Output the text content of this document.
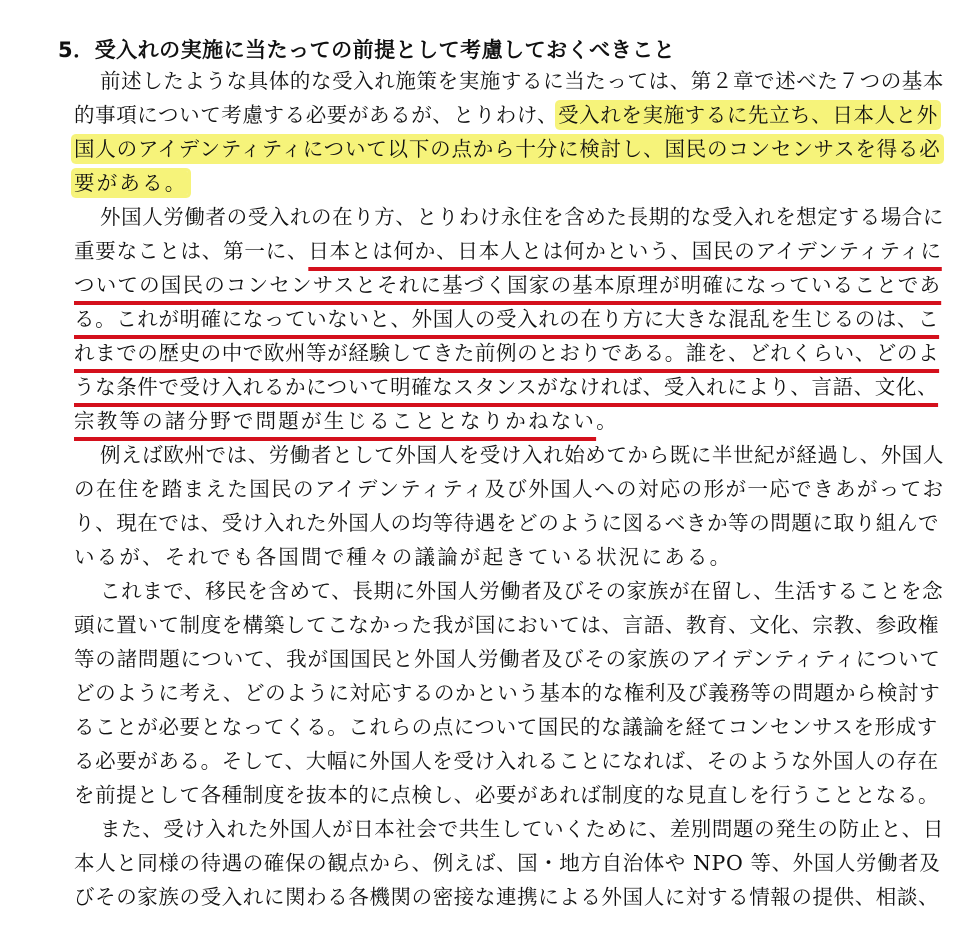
5．受入れの実施に当たっての前提として考慮しておくべきこと
前述したような具体的な受入れ施策を実施するに当たっては、第２章で述べた７つの基本
的事項について考慮する必要があるが、とりわけ、受入れを実施するに先立ち、日本人と外
国人のアイデンティティについて以下の点から十分に検討し、国民のコンセンサスを得る必
要がある。
外国人労働者の受入れの在り方、とりわけ永住を含めた長期的な受入れを想定する場合に
重要なことは、第一に、日本とは何か、日本人とは何かという、国民のアイデンティティに
ついての国民のコンセンサスとそれに基づく国家の基本原理が明確になっていることであ
る。これが明確になっていないと、外国人の受入れの在り方に大きな混乱を生じるのは、こ
れまでの歴史の中で欧州等が経験してきた前例のとおりである。誰を、どれくらい、どのよ
うな条件で受け入れるかについて明確なスタンスがなければ、受入れにより、言語、文化、
宗教等の諸分野で問題が生じることとなりかねない。
例えば欧州では、労働者として外国人を受け入れ始めてから既に半世紀が経過し、外国人
の在住を踏まえた国民のアイデンティティ及び外国人への対応の形が一応できあがってお
り、現在では、受け入れた外国人の均等待遇をどのように図るべきか等の問題に取り組んで
いるが、それでも各国間で種々の議論が起きている状況にある。
これまで、移民を含めて、長期に外国人労働者及びその家族が在留し、生活することを念
頭に置いて制度を構築してこなかった我が国においては、言語、教育、文化、宗教、参政権
等の諸問題について、我が国国民と外国人労働者及びその家族のアイデンティティについて
どのように考え、どのように対応するのかという基本的な権利及び義務等の問題から検討す
ることが必要となってくる。これらの点について国民的な議論を経てコンセンサスを形成す
る必要がある。そして、大幅に外国人を受け入れることになれば、そのような外国人の存在
を前提として各種制度を抜本的に点検し、必要があれば制度的な見直しを行うこととなる。
また、受け入れた外国人が日本社会で共生していくために、差別問題の発生の防止と、日
本人と同様の待遇の確保の観点から、例えば、国・地方自治体や NPO 等、外国人労働者及
びその家族の受入れに関わる各機関の密接な連携による外国人に対する情報の提供、相談、
